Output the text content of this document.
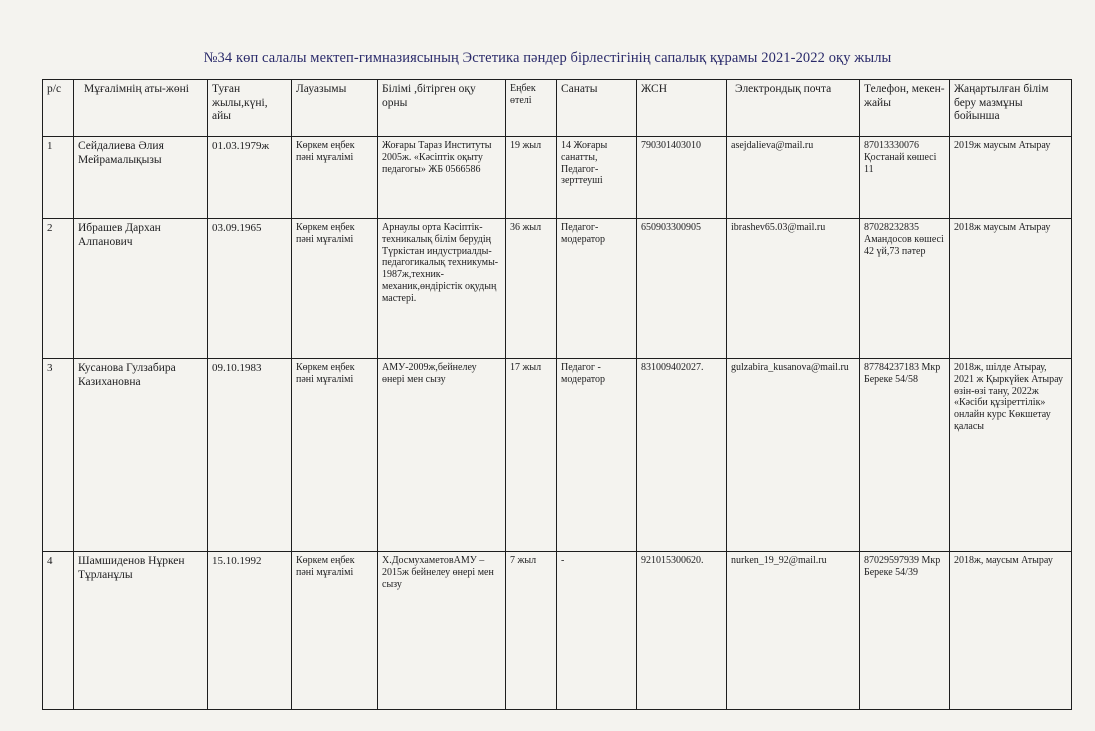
№34 көп салалы мектеп-гимназиясының Эстетика пәндер бірлестігінің сапалық құрамы 2021-2022 оқу жылы
р/с	Мұғалімнің аты-жөні	Туған жылы,күні, айы	Лауазымы	Білімі ,бітірген оқу орны	Еңбек өтелі	Санаты	ЖСН	Электрондық почта	Телефон, мекен-жайы	Жаңартылған білім беру мазмұны бойынша
1	Сейдалиева Әлия Мейрамалықызы	01.03.1979ж	Көркем еңбек пәні мұғалімі	Жоғары Тараз Институты 2005ж. «Кәсіптік оқыту педагогы» ЖБ 0566586	19 жыл	14 Жоғары санатты, Педагог-зерттеуші	790301403010	asejdalieva@mail.ru	87013330076 Қостанай көшесі 11	2019ж маусым Атырау
2	Ибрашев Дархан Алпанович	03.09.1965	Көркем еңбек пәні мұғалімі	Арнаулы орта Кәсіптік-техникалық білім берудің Түркістан индустриалды-педагогикалық техникумы- 1987ж,техник-механик,өндірістік оқудың мастері.	36 жыл	Педагог-модератор	650903300905	ibrashev65.03@mail.ru	87028232835 Амандосов көшесі 42 үй,73 пәтер	2018ж маусым Атырау
3	Кусанова Гулзабира Казихановна	09.10.1983	Көркем еңбек пәні мұғалімі	АМУ-2009ж,бейнелеу өнері мен сызу	17 жыл	Педагог - модератор	831009402027.	gulzabira_kusanova@mail.ru	87784237183 Мкр Береке 54/58	2018ж, шілде Атырау, 2021 ж Қыркүйек Атырау өзін-өзі тану, 2022ж «Кәсіби құзіреттілік» онлайн курс Көкшетау қаласы
4	Шамшиденов Нұркен Тұрланұлы	15.10.1992	Көркем еңбек пәні мұғалімі	Х.ДосмухаметовАМУ – 2015ж бейнелеу өнері мен сызу	7 жыл	-	921015300620.	nurken_19_92@mail.ru	87029597939 Мкр Береке 54/39	2018ж, маусым Атырау
